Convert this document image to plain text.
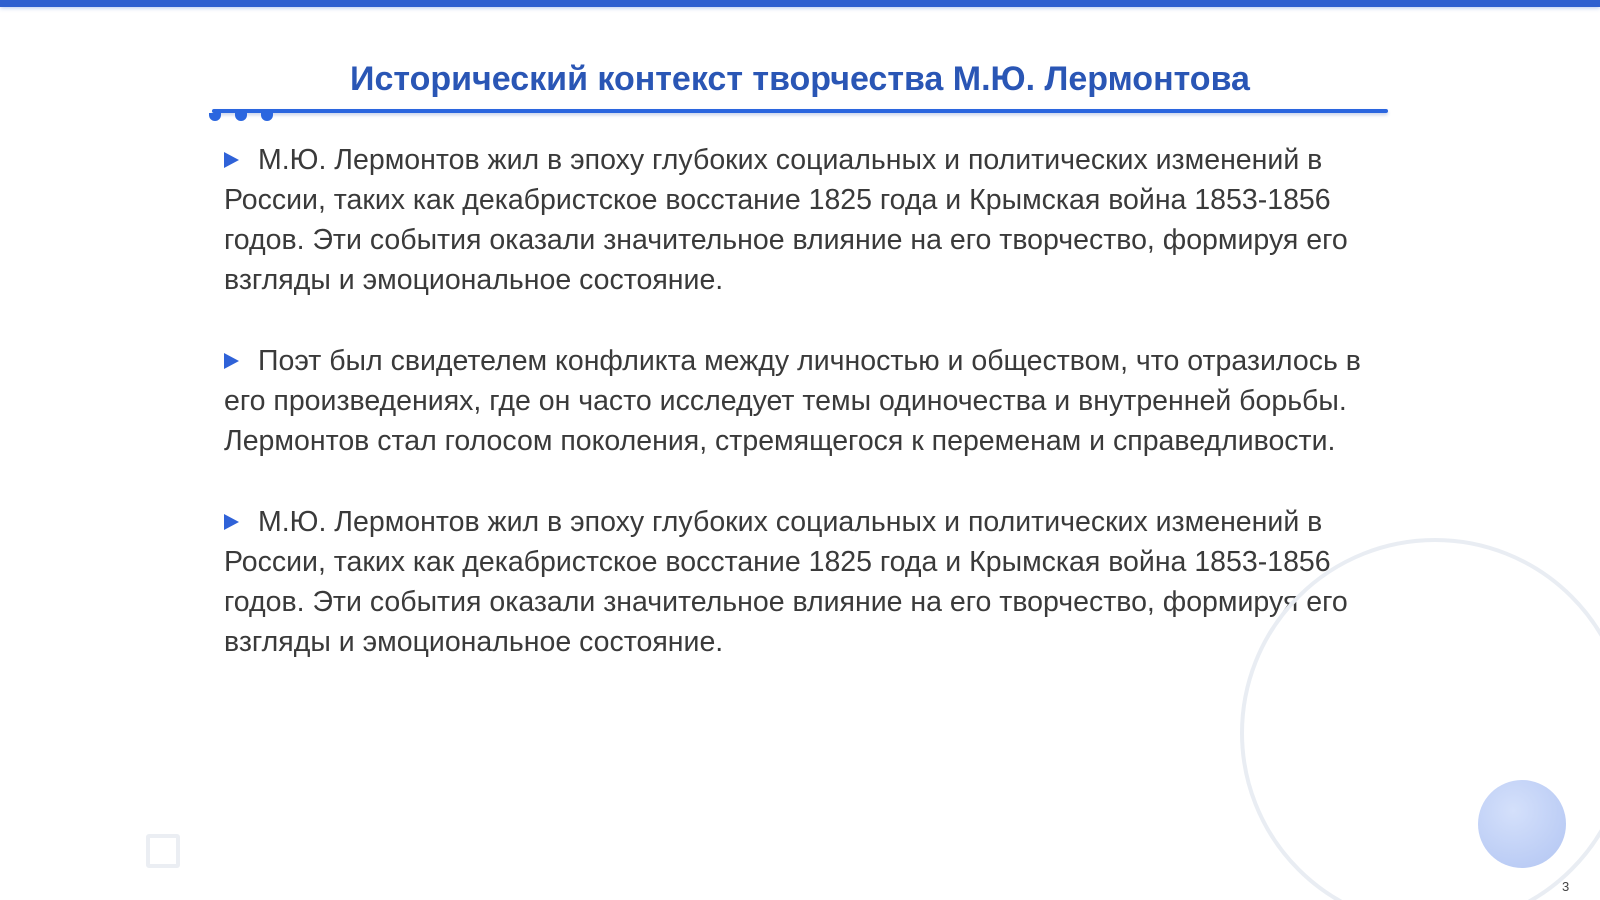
Исторический контекст творчества М.Ю. Лермонтова

М.Ю. Лермонтов жил в эпоху глубоких социальных и политических изменений в России, таких как декабристское восстание 1825 года и Крымская война 1853-1856 годов. Эти события оказали значительное влияние на его творчество, формируя его взгляды и эмоциональное состояние.

Поэт был свидетелем конфликта между личностью и обществом, что отразилось в его произведениях, где он часто исследует темы одиночества и внутренней борьбы. Лермонтов стал голосом поколения, стремящегося к переменам и справедливости.

М.Ю. Лермонтов жил в эпоху глубоких социальных и политических изменений в России, таких как декабристское восстание 1825 года и Крымская война 1853-1856 годов. Эти события оказали значительное влияние на его творчество, формируя его взгляды и эмоциональное состояние.

3
